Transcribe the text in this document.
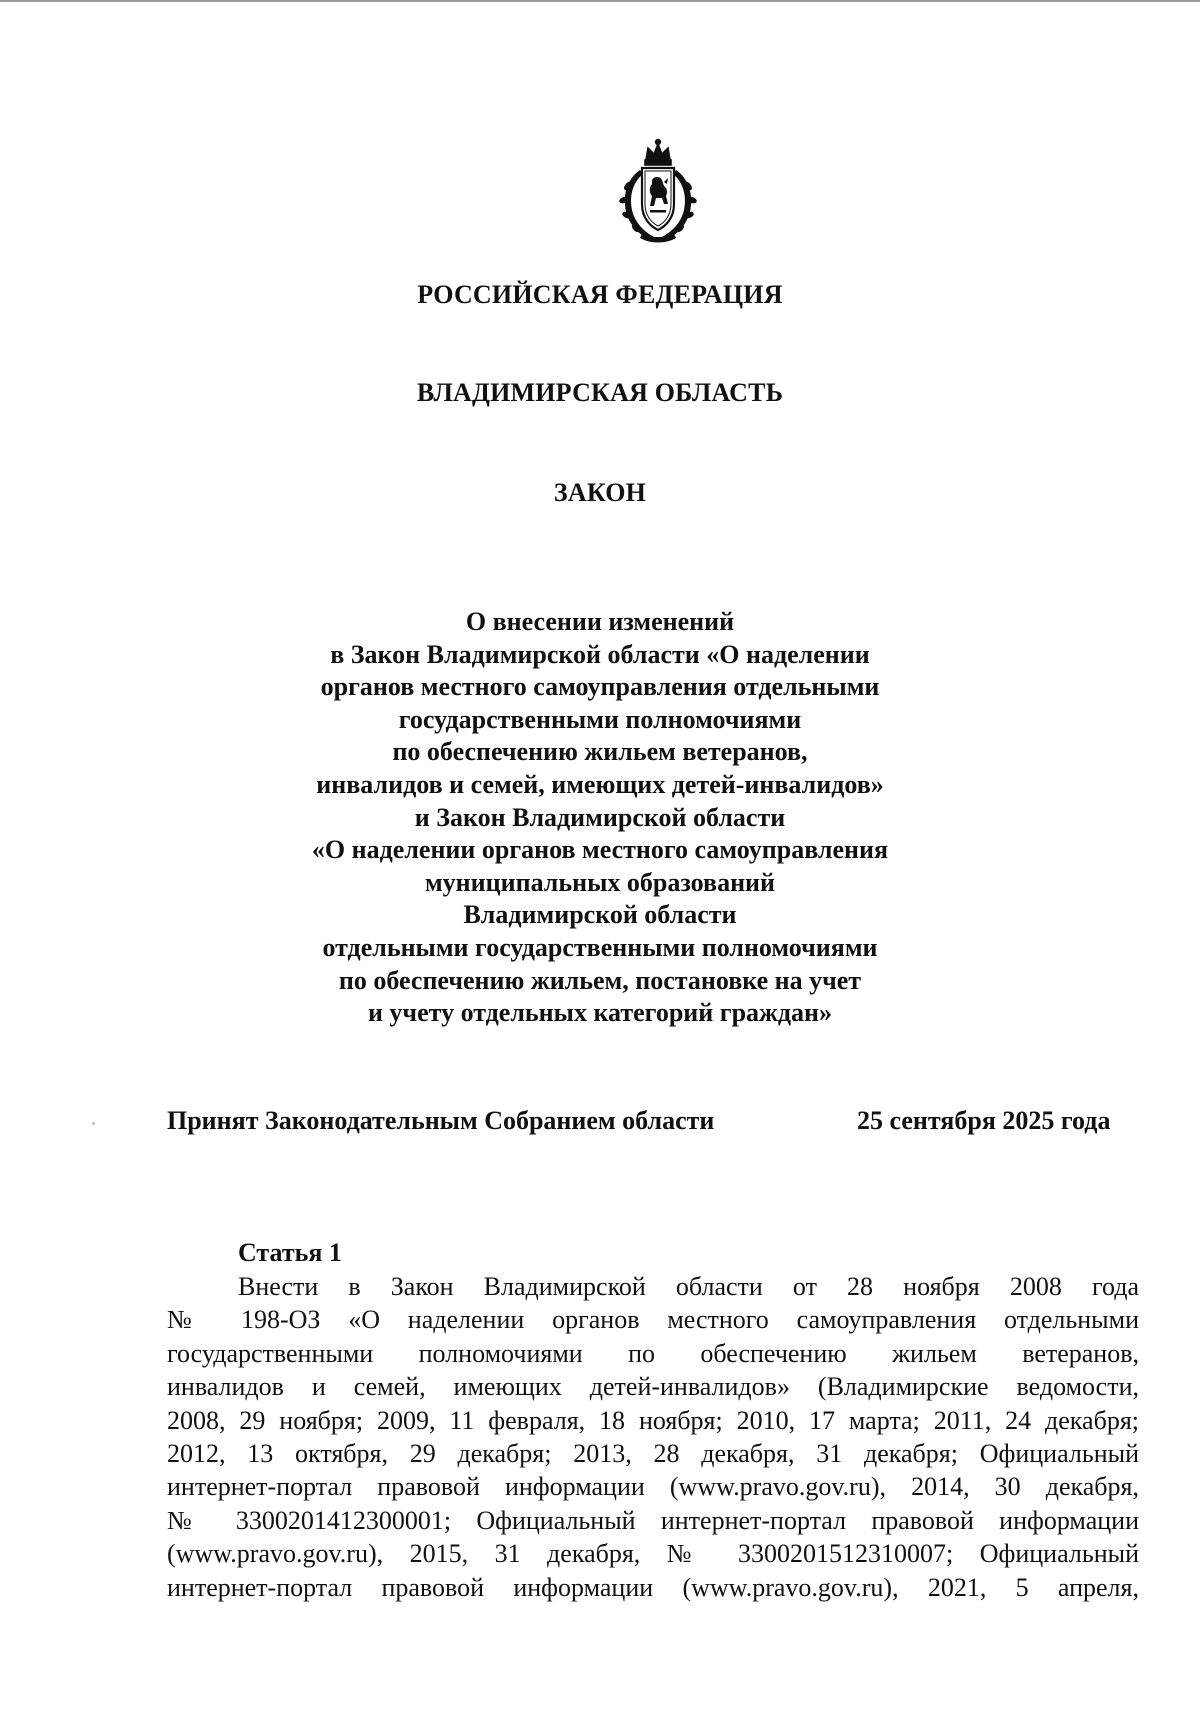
РОССИЙСКАЯ ФЕДЕРАЦИЯ
ВЛАДИМИРСКАЯ ОБЛАСТЬ
ЗАКОН
О внесении изменений
в Закон Владимирской области «О наделении
органов местного самоуправления отдельными
государственными полномочиями
по обеспечению жильем ветеранов,
инвалидов и семей, имеющих детей-инвалидов»
и Закон Владимирской области
«О наделении органов местного самоуправления
муниципальных образований
Владимирской области
отдельными государственными полномочиями
по обеспечению жильем, постановке на учет
и учету отдельных категорий граждан»
Принят Законодательным Собранием области	25 сентября 2025 года
Статья 1
Внести в Закон Владимирской области от 28 ноября 2008 года
№ 198-ОЗ «О наделении органов местного самоуправления отдельными
государственными полномочиями по обеспечению жильем ветеранов,
инвалидов и семей, имеющих детей-инвалидов» (Владимирские ведомости,
2008, 29 ноября; 2009, 11 февраля, 18 ноября; 2010, 17 марта; 2011, 24 декабря;
2012, 13 октября, 29 декабря; 2013, 28 декабря, 31 декабря; Официальный
интернет-портал правовой информации (www.pravo.gov.ru), 2014, 30 декабря,
№ 3300201412300001; Официальный интернет-портал правовой информации
(www.pravo.gov.ru), 2015, 31 декабря, № 3300201512310007; Официальный
интернет-портал правовой информации (www.pravo.gov.ru), 2021, 5 апреля,
